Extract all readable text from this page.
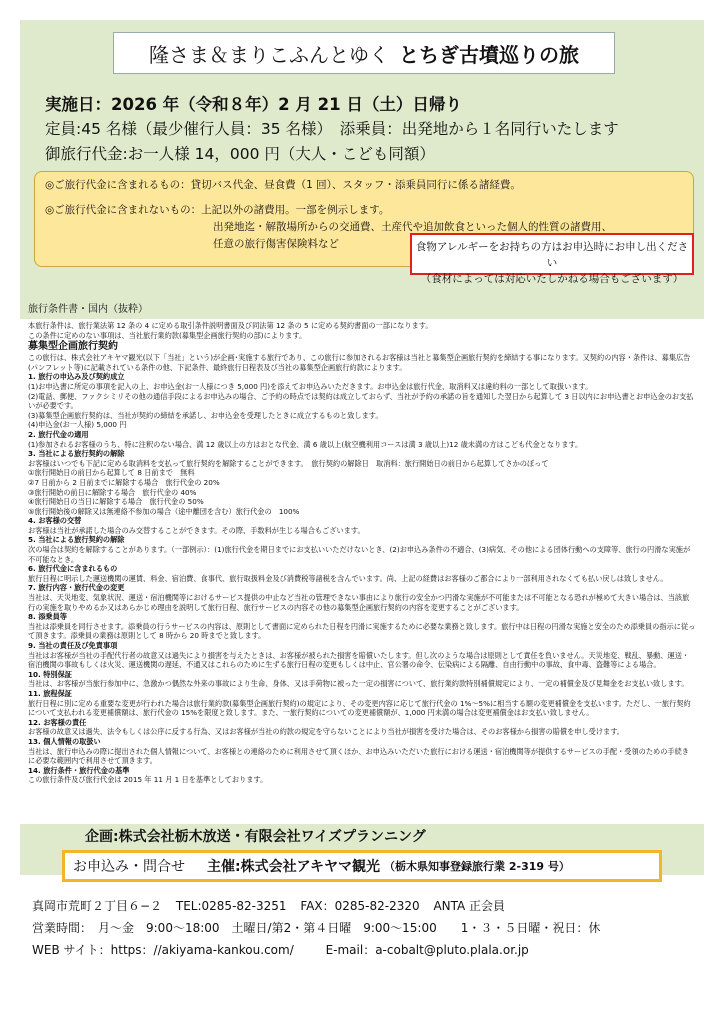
隆さま＆まりこふんとゆく とちぎ古墳巡りの旅
実施日：2026 年（令和８年）2 月 21 日（土）日帰り
定員:45 名様（最少催行人員：35 名様）　添乗員：出発地から１名同行いたします
御旅行代金:お一人様 14，000 円（大人・こども同額）
◎ご旅行代金に含まれるもの：貸切バス代金、昼食費（1 回）、スタッフ・添乗員同行に係る諸経費。
◎ご旅行代金に含まれないもの：上記以外の諸費用。一部を例示します。
出発地迄・解散場所からの交通費、土産代や追加飲食といった個人的性質の諸費用、
任意の旅行傷害保険料など	食物アレルギーをお持ちの方はお申込時にお申し出ください
（食材によっては対応いたしかねる場合もございます）
旅行条件書・国内（抜粋）

本旅行条件は、旅行業法第 12 条の 4 に定める取引条件説明書面及び同法第 12 条の 5 に定める契約書面の一部になります。

この条件に定めのない事項は、当社旅行業約款(募集型企画旅行契約の部)によります。

募集型企画旅行契約

この旅行は、株式会社アキヤマ観光(以下「当社」という)が企画･実施する旅行であり、この旅行に参加されるお客様は当社と募集型企画旅行契約を締結する事になります。又契約の内容・条件は、募集広告(パンフレット等)に記載されている条件の他、下記条件、最終旅行日程表及び当社の募集型企画旅行約款によります。

1. 旅行の申込み及び契約成立

(1)お申込書に所定の事項を記入の上、お申込金(お一人様につき 5,000 円)を添えてお申込みいただきます。お申込金は旅行代金、取消料又は違約料の一部として取扱います。

(2)電話、郵便、ファクシミリその他の通信手段によるお申込みの場合、ご予約の時点では契約は成立しておらず、当社が予約の承諾の旨を通知した翌日から起算して 3 日以内にお申込書とお申込金のお支払いが必要です。

(3)募集型企画旅行契約は、当社が契約の締結を承諾し、お申込金を受理したときに成立するものと致します。

(4)申込金(お一人様) 5,000 円

2. 旅行代金の適用

(1)参加されるお客様のうち、特に注釈のない場合、満 12 歳以上の方はおとな代金、満 6 歳以上(航空機利用コースは満 3 歳以上)12 歳未満の方はこども代金となります。

3. 当社による旅行契約の解除

お客様はいつでも下記に定める取消料を支払って旅行契約を解除することができます。　旅行契約の解除日　取消料：旅行開始日の前日から起算してさかのぼって

①旅行開始日の前日から起算して 8 日前まで　無料

②7 日前から 2 日前までに解除する場合　旅行代金の 20%

③旅行開始の前日に解除する場合　旅行代金の 40%

④旅行開始日の当日に解除する場合　旅行代金の 50%

⑤旅行開始後の解除又は無連絡不参加の場合（途中離団を含む）旅行代金の　100%

4. お客様の交替

お客様は当社が承諾した場合のみ交替することができます。その際、手数料が生じる場合もございます。

5. 当社による旅行契約の解除

次の場合は契約を解除することがあります。（一部例示）：(1)旅行代金を期日までにお支払いいただけないとき、(2)お申込み条件の不適合、(3)病気、その他による団体行動への支障等、旅行の円滑な実施が不可能なとき。

6. 旅行代金に含まれるもの

旅行日程に明示した運送機関の運賃、料金、宿泊費、食事代、旅行取扱料金及び消費税等諸税を含んでいます。尚、上記の経費はお客様のご都合により一部利用されなくても払い戻しは致しません。

7. 旅行内容・旅行代金の変更

当社は、天災地変、気象状況、運送・宿泊機関等におけるサービス提供の中止など当社の管理できない事由により旅行の安全かつ円滑な実施が不可能または不可能となる恐れが極めて大きい場合は、当該旅行の実施を取りやめるか又はあらかじめ理由を説明して旅行日程、旅行サービスの内容その他の募集型企画旅行契約の内容を変更することがございます。

8. 添乗員等

当社は添乗員を同行させます。添乗員の行うサービスの内容は、原則として書面に定められた日程を円滑に実施するために必要な業務と致します。旅行中は日程の円滑な実施と安全のため添乗員の指示に従って頂きます。添乗員の業務は原則として 8 時から 20 時までと致します。

9. 当社の責任及び免責事項

当社はお客様が当社の手配代行者の故意又は過失により損害を与えたときは、お客様が被られた損害を賠償いたします。但し次のような場合は原則として責任を負いません。天災地変、戦乱、暴動、運送・宿泊機関の事故もしくは火災、運送機関の遅延、不通又はこれらのために生ずる旅行日程の変更もしくは中止、官公署の命令、伝染病による隔離、自由行動中の事故、食中毒、盗難等による場合。

10. 特別保証

当社は、お客様が当旅行参加中に、急激かつ偶然な外来の事故により生命、身体、又は手荷物に被った一定の損害について、旅行業約款特別補償規定により、一定の補償金及び見舞金をお支払い致します。

11. 旅程保証

旅行日程に別に定める重要な変更が行われた場合は旅行業約款(募集型企画旅行契約)の規定により、その変更内容に応じて旅行代金の 1%～5%に相当する額の変更補償金を支払います。ただし、一旅行契約について支払われる変更補償額は、旅行代金の 15%を限度と致します。また、一旅行契約についての変更補償額が、1,000 円未満の場合は変更補償金はお支払い致しません。

12. お客様の責任

お客様の故意又は過失、法令もしくは公序に反する行為、又はお客様が当社の約款の規定を守らないことにより当社が損害を受けた場合は、そのお客様から損害の賠償を申し受けます。

13. 個人情報の取扱い

当社は、旅行申込みの際に提出された個人情報について、お客様との連絡のために利用させて頂くほか、お申込みいただいた旅行における運送・宿泊機関等が提供するサービスの手配・受領のための手続きに必要な範囲内で利用させて頂きます。

14. 旅行条件・旅行代金の基準

この旅行条件及び旅行代金は 2015 年 11 月 1 日を基準としております。

企画:株式会社栃木放送・有限会社ワイズプランニング
お申込み・問合せ 主催:株式会社アキヤマ観光 （栃木県知事登録旅行業 2-319 号）
真岡市荒町２丁目６−２ TEL:0285-82-3251 FAX：0285-82-2320 ANTA 正会員
営業時間：　月〜金　9:00〜18:00　土曜日/第2・第４日曜　9:00〜15:00　　1・３・５日曜・祝日：休
WEB サイト：https：//akiyama-kankou.com/	E-mail：a-cobalt@pluto.plala.or.jp
